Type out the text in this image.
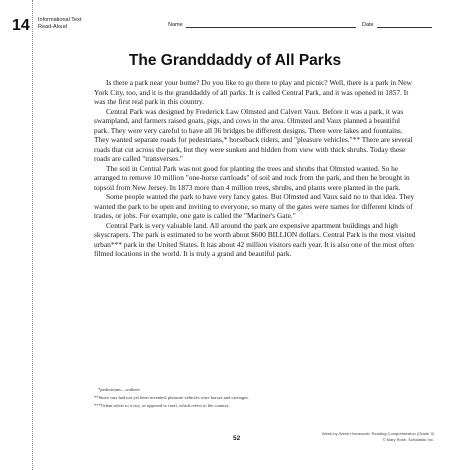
14 Informational Text
Read-Aloud	Name	Date
The Granddaddy of All Parks

Is there a park near your home? Do you like to go there to play and picnic? Well, there is a park in New York City, too, and it is the granddaddy of all parks. It is called Central Park, and it was opened in 1857. It was the first real park in this country.

Central Park was designed by Frederick Law Olmsted and Calvert Vaux. Before it was a park, it was swampland, and farmers raised goats, pigs, and cows in the area. Olmsted and Vaux planned a beautiful park. They were very careful to have all 36 bridges be different designs. There were lakes and fountains. They wanted separate roads for pedestrians,* horseback riders, and "pleasure vehicles."** There are several roads that cut across the park, but they were sunken and hidden from view with thick shrubs. Today these roads are called "transverses."

The soil in Central Park was not good for planting the trees and shrubs that Olmsted wanted. So he arranged to remove 10 million "one-horse cartloads" of soil and rock from the park, and then he brought in topsoil from New Jersey. In 1873 more than 4 million trees, shrubs, and plants were planted in the park.

Some people wanted the park to have very fancy gates. But Olmsted and Vaux said no to that idea. They wanted the park to be open and inviting to everyone, so many of the gates were names for different kinds of trades, or jobs. For example, one gate is called the "Mariner's Gate."

Central Park is very valuable land. All around the park are expensive apartment buildings and high skyscrapers. The park is estimated to be worth about $600 BILLION dollars. Central Park is the most visited urban*** park in the United States. It has about 42 million visitors each year. It is also one of the most often filmed locations in the world. It is truly a grand and beautiful park.

*pedestrians—walkers
**Since cars had not yet been invented, pleasure vehicles were horses and carriages.
***Urban refers to a city, as opposed to rural, which refers to the country.
52
Week-by-Week Homework: Reading Comprehension (Grade 3)
© Mary Rose, Scholastic Inc.
